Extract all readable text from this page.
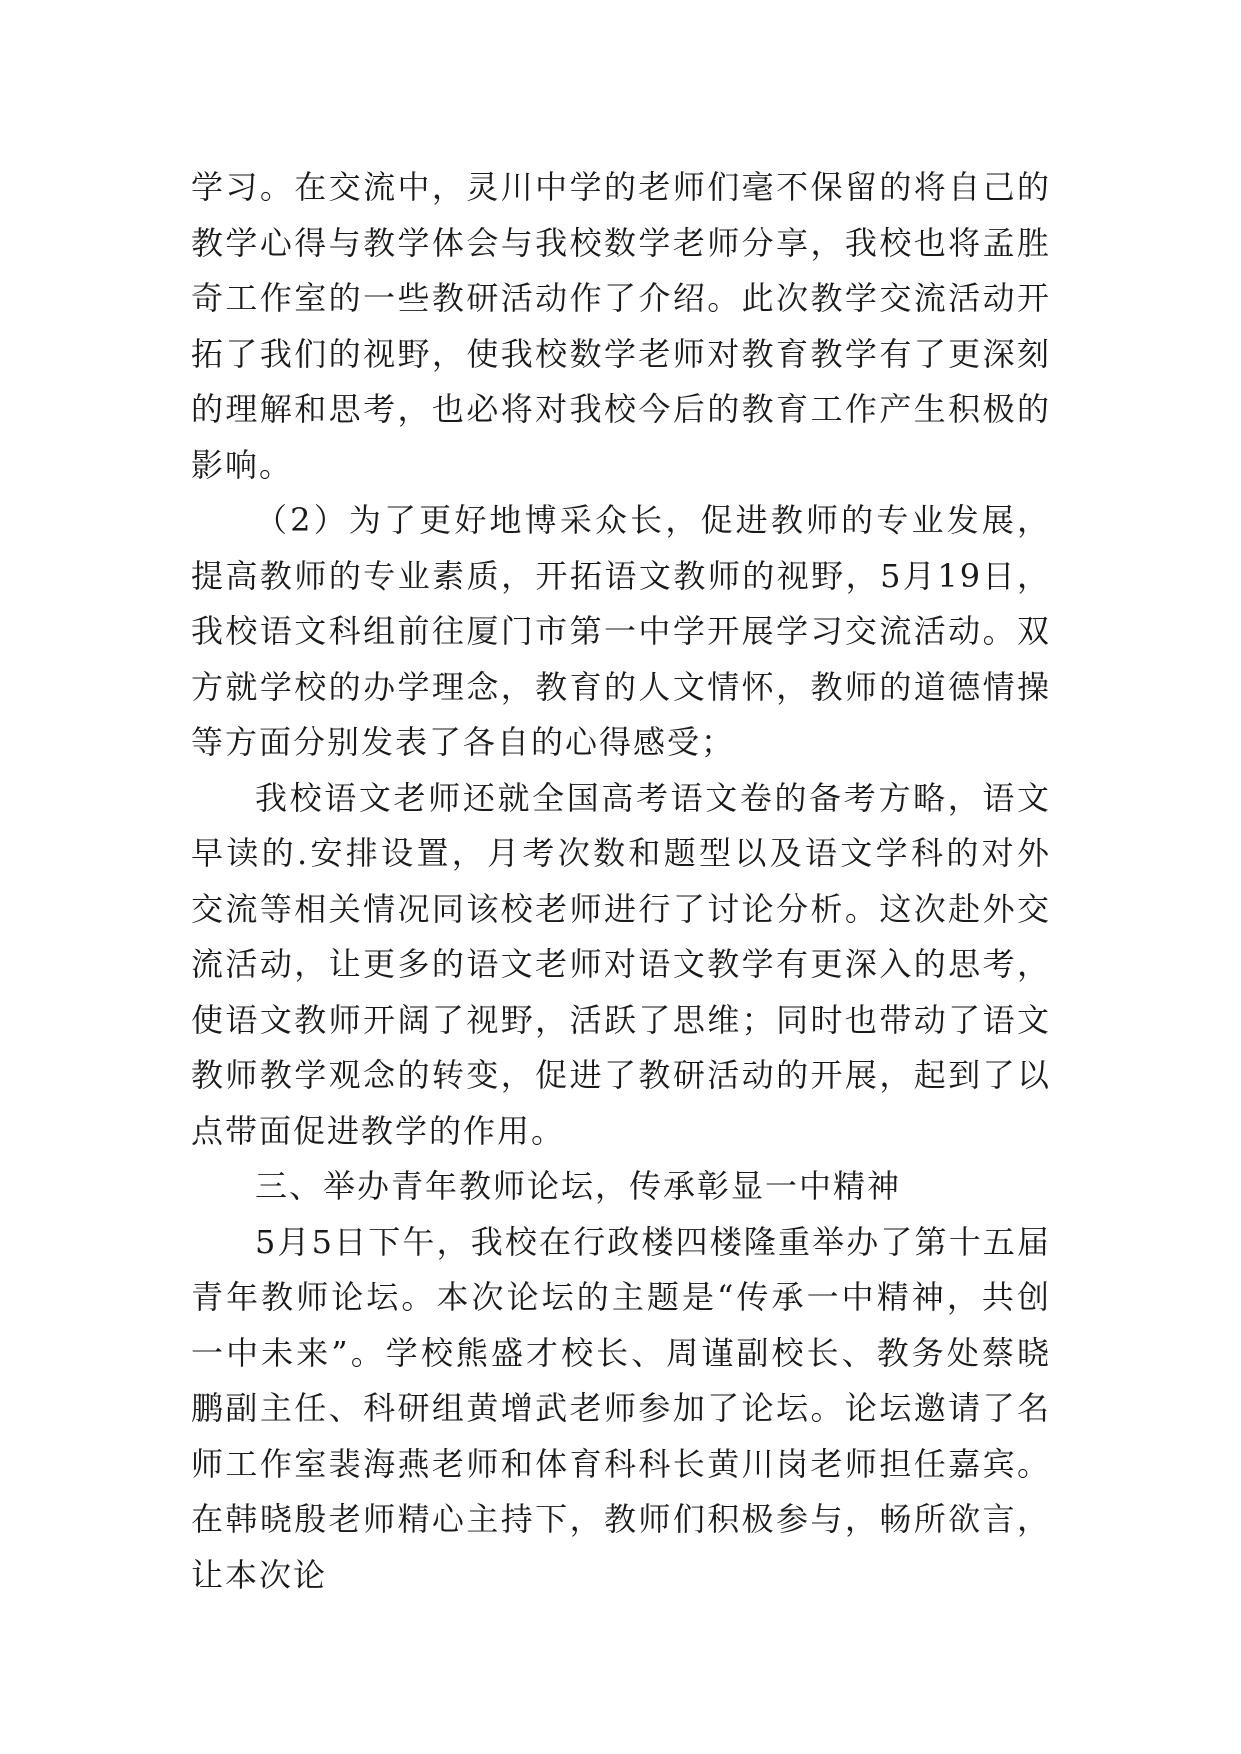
学习。在交流中，灵川中学的老师们毫不保留的将自己的教学心得与教学体会与我校数学老师分享，我校也将孟胜奇工作室的一些教研活动作了介绍。此次教学交流活动开拓了我们的视野，使我校数学老师对教育教学有了更深刻的理解和思考，也必将对我校今后的教育工作产生积极的影响。

（2）为了更好地博采众长，促进教师的专业发展，提高教师的专业素质，开拓语文教师的视野，5月19日，我校语文科组前往厦门市第一中学开展学习交流活动。双方就学校的办学理念，教育的人文情怀，教师的道德情操等方面分别发表了各自的心得感受；

我校语文老师还就全国高考语文卷的备考方略，语文早读的.安排设置，月考次数和题型以及语文学科的对外交流等相关情况同该校老师进行了讨论分析。这次赴外交流活动，让更多的语文老师对语文教学有更深入的思考，使语文教师开阔了视野，活跃了思维；同时也带动了语文教师教学观念的转变，促进了教研活动的开展，起到了以点带面促进教学的作用。

三、举办青年教师论坛，传承彰显一中精神

5月5日下午，我校在行政楼四楼隆重举办了第十五届青年教师论坛。本次论坛的主题是“传承一中精神，共创一中未来”。学校熊盛才校长、周谨副校长、教务处蔡晓鹏副主任、科研组黄增武老师参加了论坛。论坛邀请了名师工作室裴海燕老师和体育科科长黄川岗老师担任嘉宾。在韩晓殷老师精心主持下，教师们积极参与，畅所欲言，让本次论
